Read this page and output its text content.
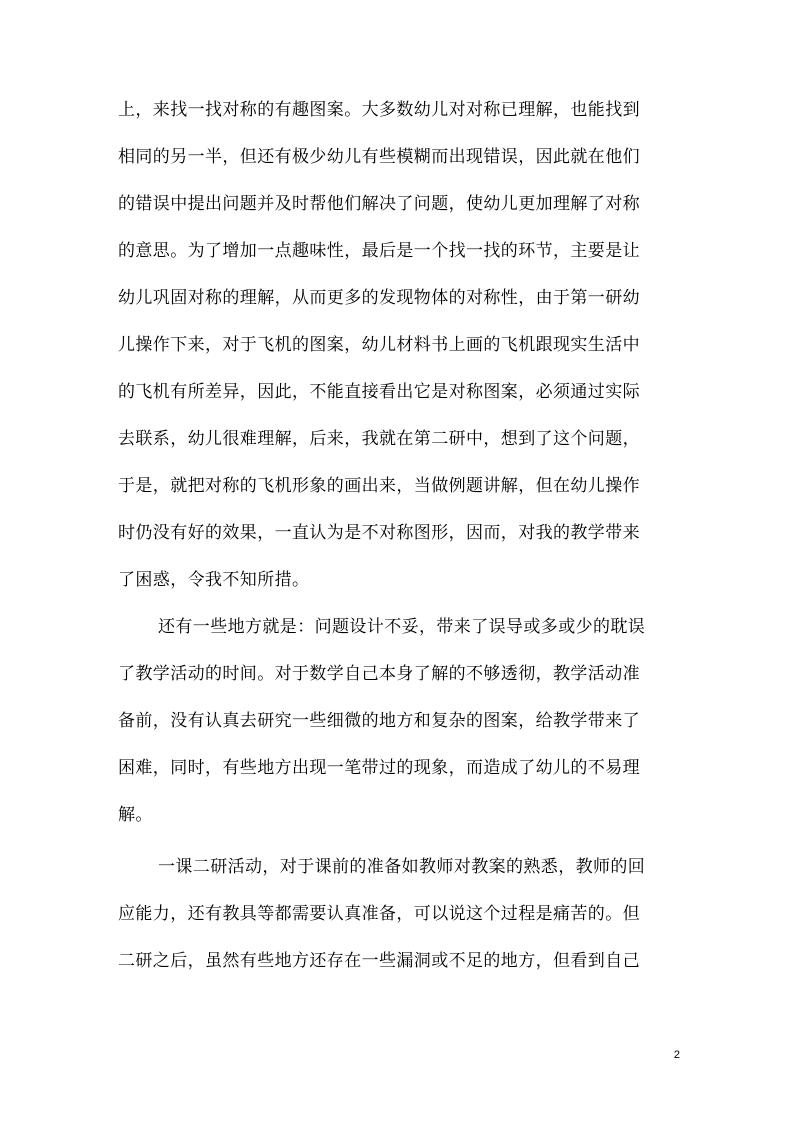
上，来找一找对称的有趣图案。大多数幼儿对对称已理解，也能找到
相同的另一半，但还有极少幼儿有些模糊而出现错误，因此就在他们
的错误中提出问题并及时帮他们解决了问题，使幼儿更加理解了对称
的意思。为了增加一点趣味性，最后是一个找一找的环节，主要是让
幼儿巩固对称的理解，从而更多的发现物体的对称性，由于第一研幼
儿操作下来，对于飞机的图案，幼儿材料书上画的飞机跟现实生活中
的飞机有所差异，因此，不能直接看出它是对称图案，必须通过实际
去联系，幼儿很难理解，后来，我就在第二研中，想到了这个问题，
于是，就把对称的飞机形象的画出来，当做例题讲解，但在幼儿操作
时仍没有好的效果，一直认为是不对称图形，因而，对我的教学带来
了困惑，令我不知所措。
还有一些地方就是：问题设计不妥，带来了误导或多或少的耽误
了教学活动的时间。对于数学自己本身了解的不够透彻，教学活动准
备前，没有认真去研究一些细微的地方和复杂的图案，给教学带来了
困难，同时，有些地方出现一笔带过的现象，而造成了幼儿的不易理
解。
一课二研活动，对于课前的准备如教师对教案的熟悉，教师的回
应能力，还有教具等都需要认真准备，可以说这个过程是痛苦的。但
二研之后，虽然有些地方还存在一些漏洞或不足的地方，但看到自己
2
